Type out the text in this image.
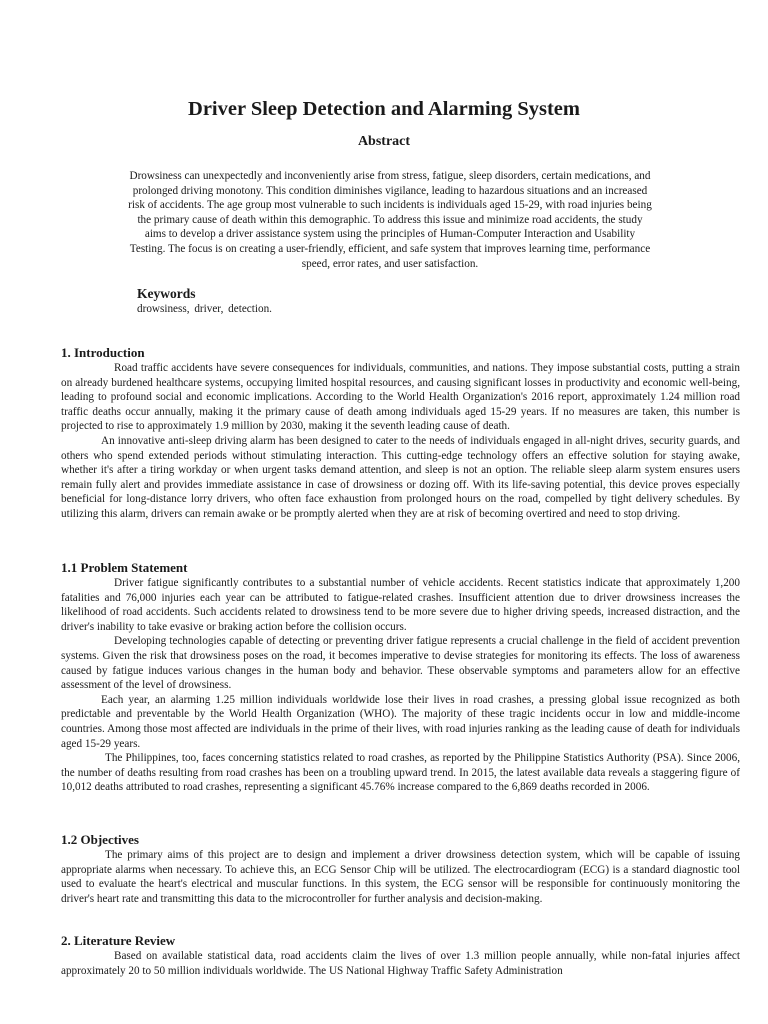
Driver Sleep Detection and Alarming System
Abstract

Drowsiness can unexpectedly and inconveniently arise from stress, fatigue, sleep disorders, certain medications, and prolonged driving monotony. This condition diminishes vigilance, leading to hazardous situations and an increased risk of accidents. The age group most vulnerable to such incidents is individuals aged 15-29, with road injuries being the primary cause of death within this demographic. To address this issue and minimize road accidents, the study aims to develop a driver assistance system using the principles of Human-Computer Interaction and Usability Testing. The focus is on creating a user-friendly, efficient, and safe system that improves learning time, performance speed, error rates, and user satisfaction.

Keywords

drowsiness, driver, detection.

1. Introduction

Road traffic accidents have severe consequences for individuals, communities, and nations. They impose substantial costs, putting a strain on already burdened healthcare systems, occupying limited hospital resources, and causing significant losses in productivity and economic well-being, leading to profound social and economic implications. According to the World Health Organization's 2016 report, approximately 1.24 million road traffic deaths occur annually, making it the primary cause of death among individuals aged 15-29 years. If no measures are taken, this number is projected to rise to approximately 1.9 million by 2030, making it the seventh leading cause of death.

An innovative anti-sleep driving alarm has been designed to cater to the needs of individuals engaged in all-night drives, security guards, and others who spend extended periods without stimulating interaction. This cutting-edge technology offers an effective solution for staying awake, whether it's after a tiring workday or when urgent tasks demand attention, and sleep is not an option. The reliable sleep alarm system ensures users remain fully alert and provides immediate assistance in case of drowsiness or dozing off. With its life-saving potential, this device proves especially beneficial for long-distance lorry drivers, who often face exhaustion from prolonged hours on the road, compelled by tight delivery schedules. By utilizing this alarm, drivers can remain awake or be promptly alerted when they are at risk of becoming overtired and need to stop driving.

1.1 Problem Statement

Driver fatigue significantly contributes to a substantial number of vehicle accidents. Recent statistics indicate that approximately 1,200 fatalities and 76,000 injuries each year can be attributed to fatigue-related crashes. Insufficient attention due to driver drowsiness increases the likelihood of road accidents. Such accidents related to drowsiness tend to be more severe due to higher driving speeds, increased distraction, and the driver's inability to take evasive or braking action before the collision occurs.

Developing technologies capable of detecting or preventing driver fatigue represents a crucial challenge in the field of accident prevention systems. Given the risk that drowsiness poses on the road, it becomes imperative to devise strategies for monitoring its effects. The loss of awareness caused by fatigue induces various changes in the human body and behavior. These observable symptoms and parameters allow for an effective assessment of the level of drowsiness.

Each year, an alarming 1.25 million individuals worldwide lose their lives in road crashes, a pressing global issue recognized as both predictable and preventable by the World Health Organization (WHO). The majority of these tragic incidents occur in low and middle-income countries. Among those most affected are individuals in the prime of their lives, with road injuries ranking as the leading cause of death for individuals aged 15-29 years.

The Philippines, too, faces concerning statistics related to road crashes, as reported by the Philippine Statistics Authority (PSA). Since 2006, the number of deaths resulting from road crashes has been on a troubling upward trend. In 2015, the latest available data reveals a staggering figure of 10,012 deaths attributed to road crashes, representing a significant 45.76% increase compared to the 6,869 deaths recorded in 2006.

1.2 Objectives

The primary aims of this project are to design and implement a driver drowsiness detection system, which will be capable of issuing appropriate alarms when necessary. To achieve this, an ECG Sensor Chip will be utilized. The electrocardiogram (ECG) is a standard diagnostic tool used to evaluate the heart's electrical and muscular functions. In this system, the ECG sensor will be responsible for continuously monitoring the driver's heart rate and transmitting this data to the microcontroller for further analysis and decision-making.

2. Literature Review

Based on available statistical data, road accidents claim the lives of over 1.3 million people annually, while non-fatal injuries affect approximately 20 to 50 million individuals worldwide. The US National Highway Traffic Safety Administration
